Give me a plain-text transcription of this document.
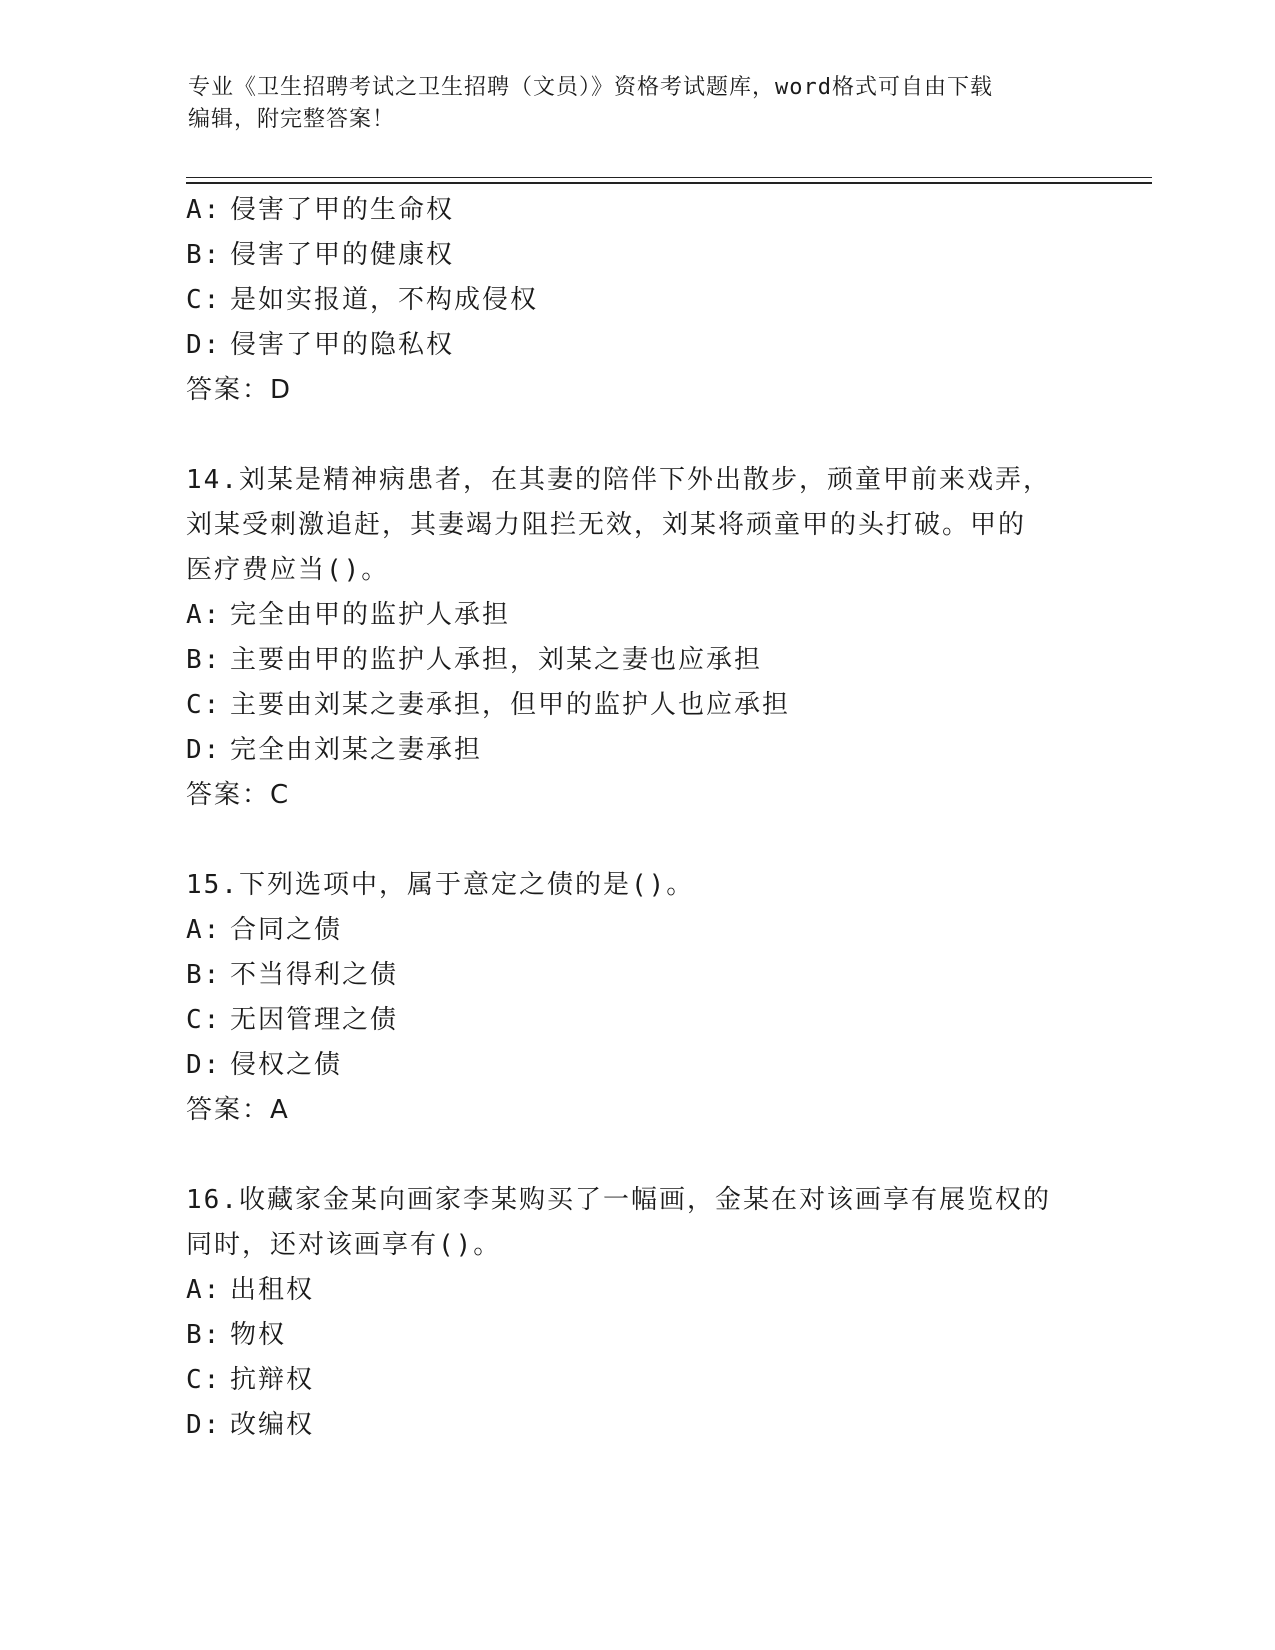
专业《卫生招聘考试之卫生招聘（文员）》资格考试题库，word格式可自由下载
编辑，附完整答案！
A: 侵害了甲的生命权
B: 侵害了甲的健康权
C: 是如实报道，不构成侵权
D: 侵害了甲的隐私权
答案：D
14.刘某是精神病患者，在其妻的陪伴下外出散步，顽童甲前来戏弄，
刘某受刺激追赶，其妻竭力阻拦无效，刘某将顽童甲的头打破。甲的
医疗费应当()。
A: 完全由甲的监护人承担
B: 主要由甲的监护人承担，刘某之妻也应承担
C: 主要由刘某之妻承担，但甲的监护人也应承担
D: 完全由刘某之妻承担
答案：C
15.下列选项中，属于意定之债的是()。
A: 合同之债
B: 不当得利之债
C: 无因管理之债
D: 侵权之债
答案：A
16.收藏家金某向画家李某购买了一幅画，金某在对该画享有展览权的
同时，还对该画享有()。
A: 出租权
B: 物权
C: 抗辩权
D: 改编权
